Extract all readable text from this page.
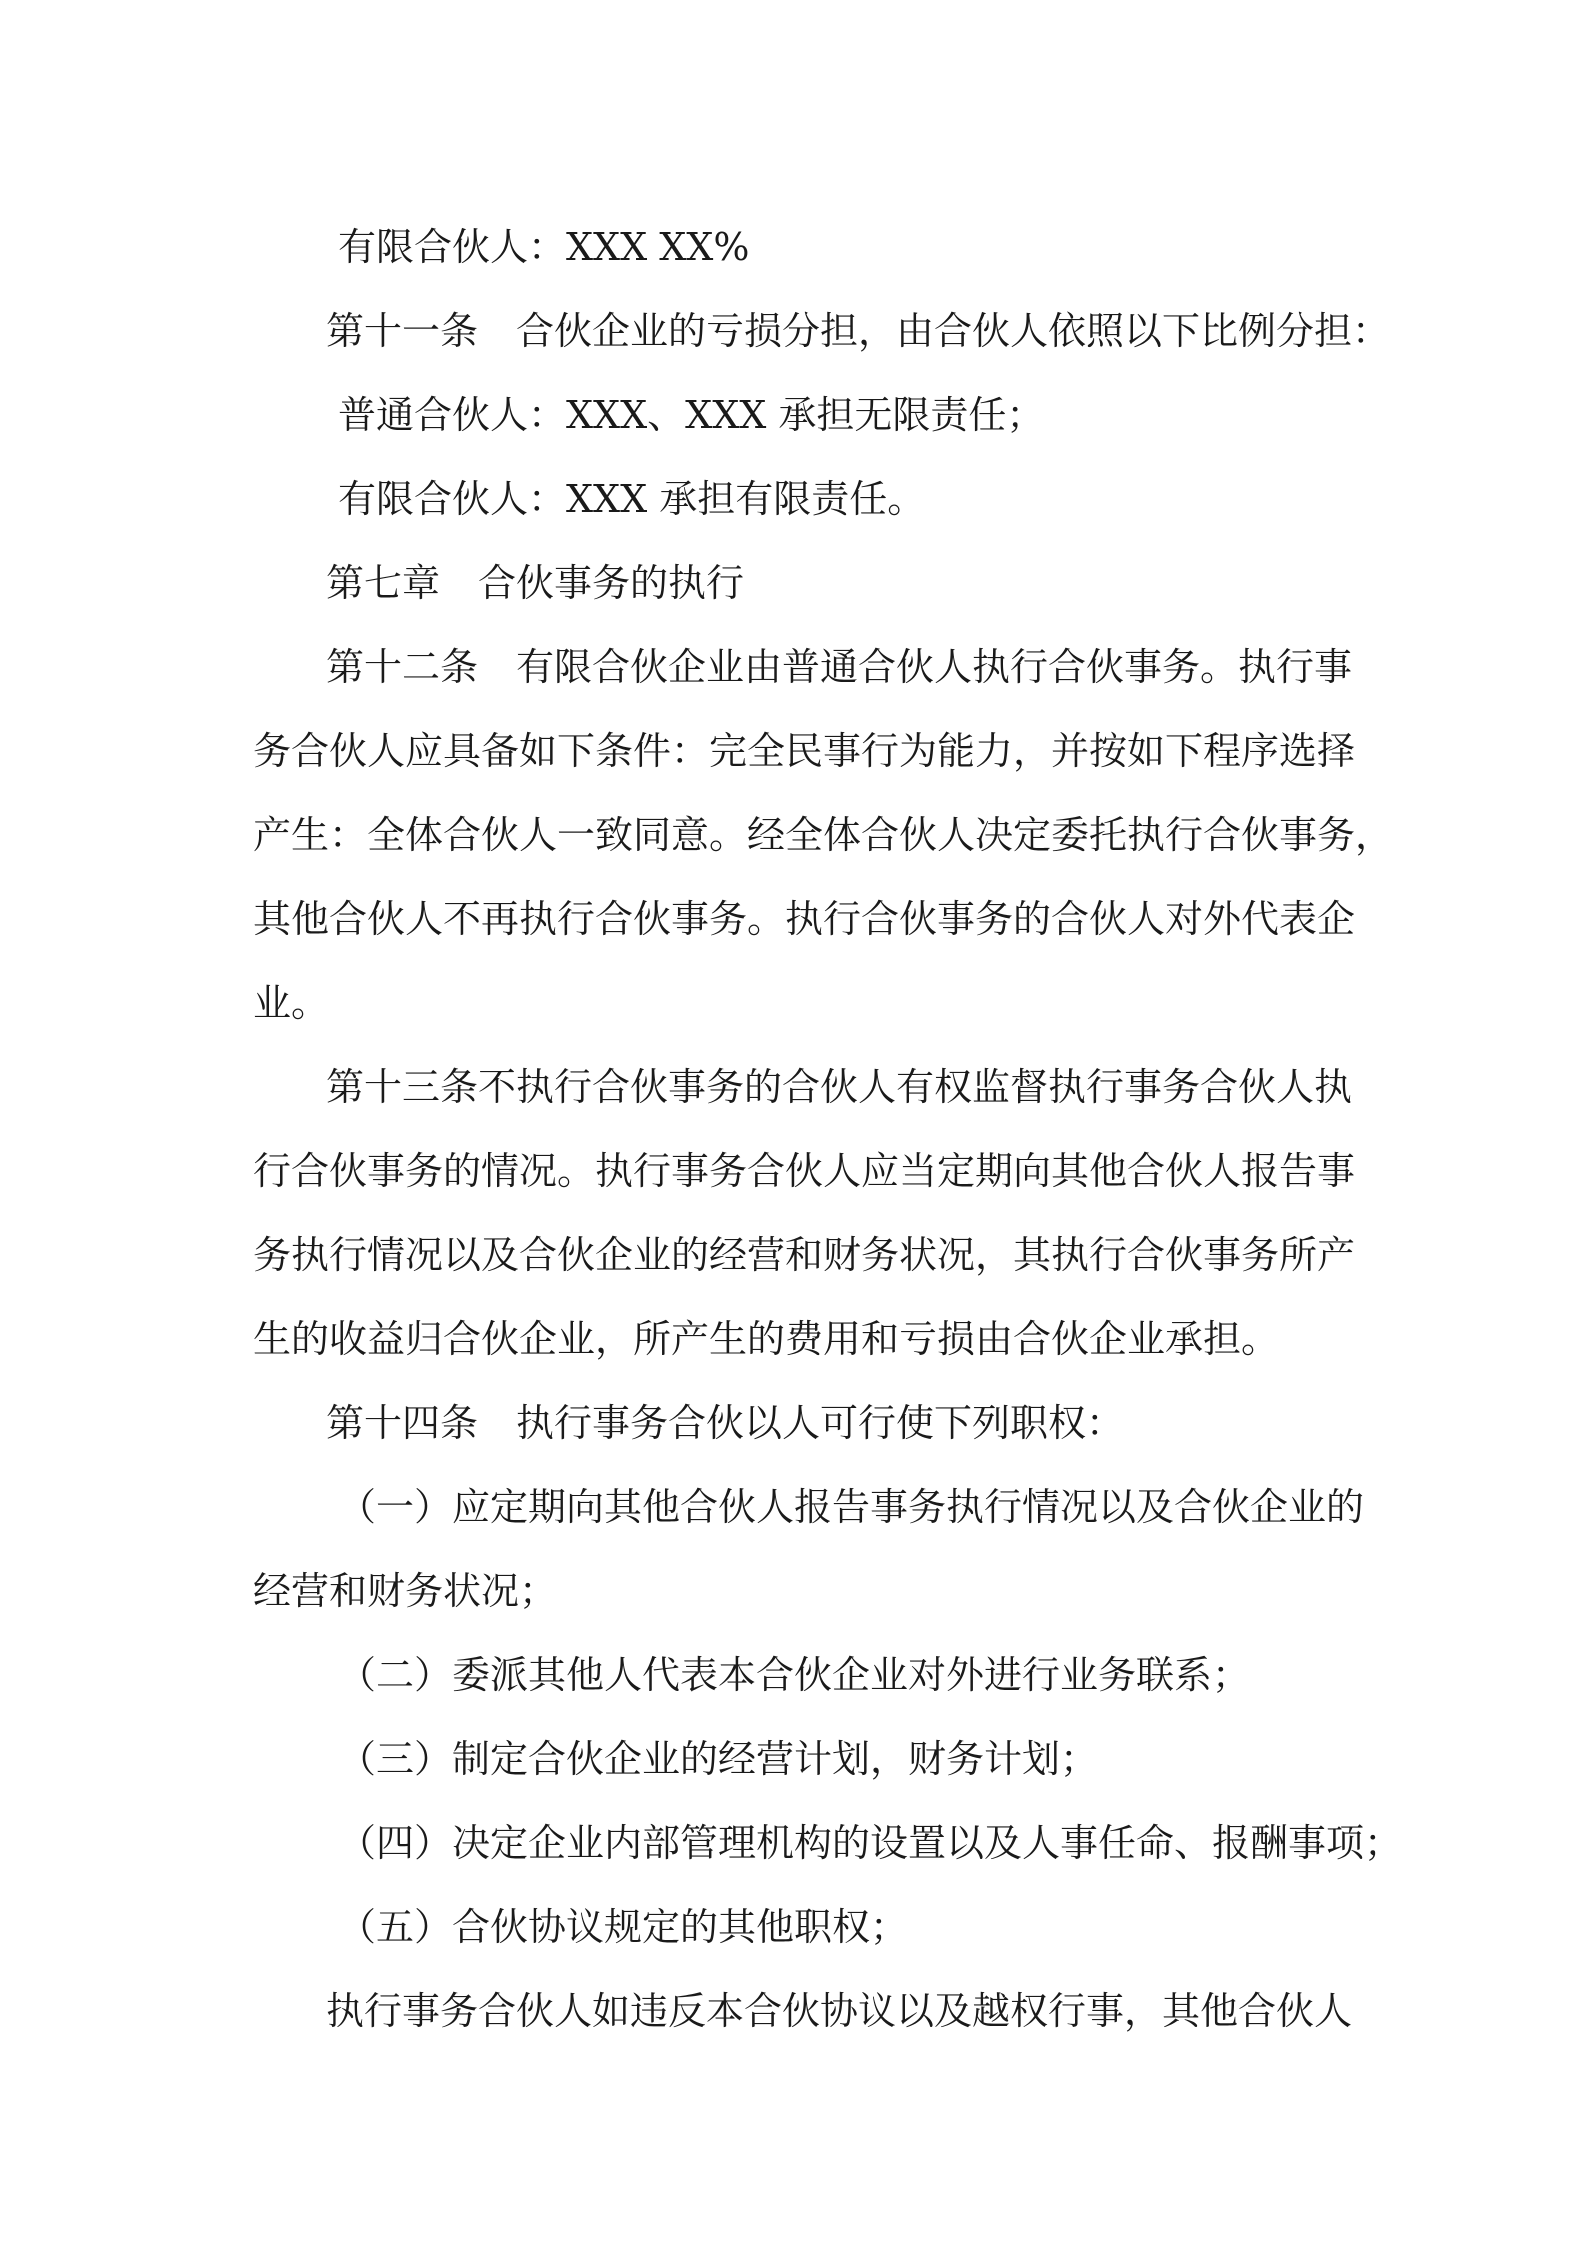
有限合伙人：XXX XX%
第十一条　合伙企业的亏损分担，由合伙人依照以下比例分担：
普通合伙人：XXX、XXX 承担无限责任；
有限合伙人：XXX 承担有限责任。
第七章　合伙事务的执行
第十二条　有限合伙企业由普通合伙人执行合伙事务。执行事
务合伙人应具备如下条件：完全民事行为能力，并按如下程序选择
产生：全体合伙人一致同意。经全体合伙人决定委托执行合伙事务，
其他合伙人不再执行合伙事务。执行合伙事务的合伙人对外代表企
业。
第十三条不执行合伙事务的合伙人有权监督执行事务合伙人执
行合伙事务的情况。执行事务合伙人应当定期向其他合伙人报告事
务执行情况以及合伙企业的经营和财务状况，其执行合伙事务所产
生的收益归合伙企业，所产生的费用和亏损由合伙企业承担。
第十四条　执行事务合伙以人可行使下列职权：
（一）应定期向其他合伙人报告事务执行情况以及合伙企业的
经营和财务状况；
（二）委派其他人代表本合伙企业对外进行业务联系；
（三）制定合伙企业的经营计划，财务计划；
（四）决定企业内部管理机构的设置以及人事任命、报酬事项；
（五）合伙协议规定的其他职权；
执行事务合伙人如违反本合伙协议以及越权行事，其他合伙人
